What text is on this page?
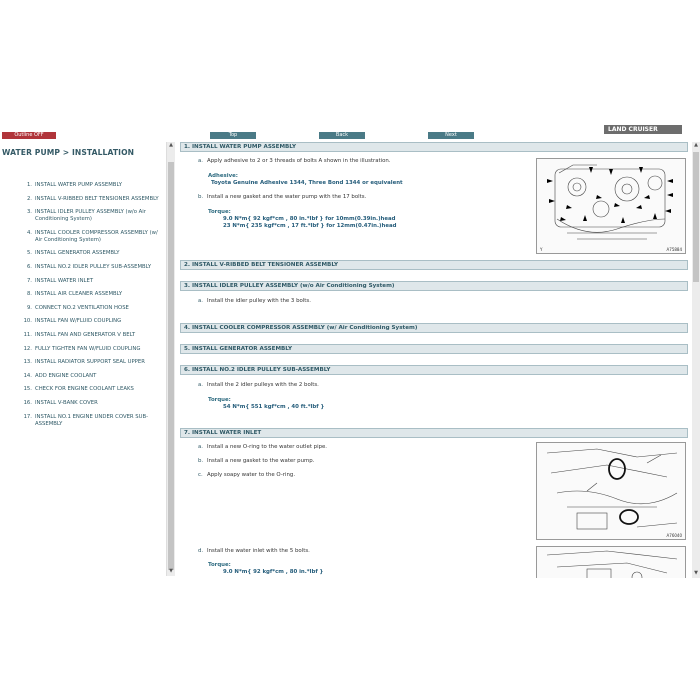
Outline OFF	Top	Back	Next
LAND CRUISER
WATER PUMP > INSTALLATION
1. INSTALL WATER PUMP ASSEMBLY
2. INSTALL V-RIBBED BELT TENSIONER ASSEMBLY
3. INSTALL IDLER PULLEY ASSEMBLY (w/o Air Conditioning System)
4. INSTALL COOLER COMPRESSOR ASSEMBLY (w/ Air Conditioning System)
5. INSTALL GENERATOR ASSEMBLY
6. INSTALL NO.2 IDLER PULLEY SUB-ASSEMBLY
7. INSTALL WATER INLET
8. INSTALL AIR CLEANER ASSEMBLY
9. CONNECT NO.2 VENTILATION HOSE
10. INSTALL FAN W/FLUID COUPLING
11. INSTALL FAN AND GENERATOR V BELT
12. FULLY TIGHTEN FAN W/FLUID COUPLING
13. INSTALL RADIATOR SUPPORT SEAL UPPER
14. ADD ENGINE COOLANT
15. CHECK FOR ENGINE COOLANT LEAKS
16. INSTALL V-BANK COVER
17. INSTALL NO.1 ENGINE UNDER COVER SUB-ASSEMBLY
▲
▼
1. INSTALL WATER PUMP ASSEMBLY
a. Apply adhesive to 2 or 3 threads of bolts A shown in the illustration.
Adhesive:
Toyota Genuine Adhesive 1344, Three Bond 1344 or equivalent
b. Install a new gasket and the water pump with the 17 bolts.
Torque:
9.0 N*m{ 92 kgf*cm , 80 in.*lbf } for 10mm(0.39in.)head
23 N*m{ 235 kgf*cm , 17 ft.*lbf } for 12mm(0.47in.)head
Y	A75884
2. INSTALL V-RIBBED BELT TENSIONER ASSEMBLY
3. INSTALL IDLER PULLEY ASSEMBLY (w/o Air Conditioning System)
a. Install the idler pulley with the 3 bolts.
4. INSTALL COOLER COMPRESSOR ASSEMBLY (w/ Air Conditioning System)
5. INSTALL GENERATOR ASSEMBLY
6. INSTALL NO.2 IDLER PULLEY SUB-ASSEMBLY
a. Install the 2 idler pulleys with the 2 bolts.
Torque:
54 N*m{ 551 kgf*cm , 40 ft.*lbf }
7. INSTALL WATER INLET
a. Install a new O-ring to the water outlet pipe.
b. Install a new gasket to the water pump.
c. Apply soapy water to the O-ring.
A76040
d. Install the water inlet with the 5 bolts.
Torque:
9.0 N*m{ 92 kgf*cm , 80 in.*lbf }
▲
▼
